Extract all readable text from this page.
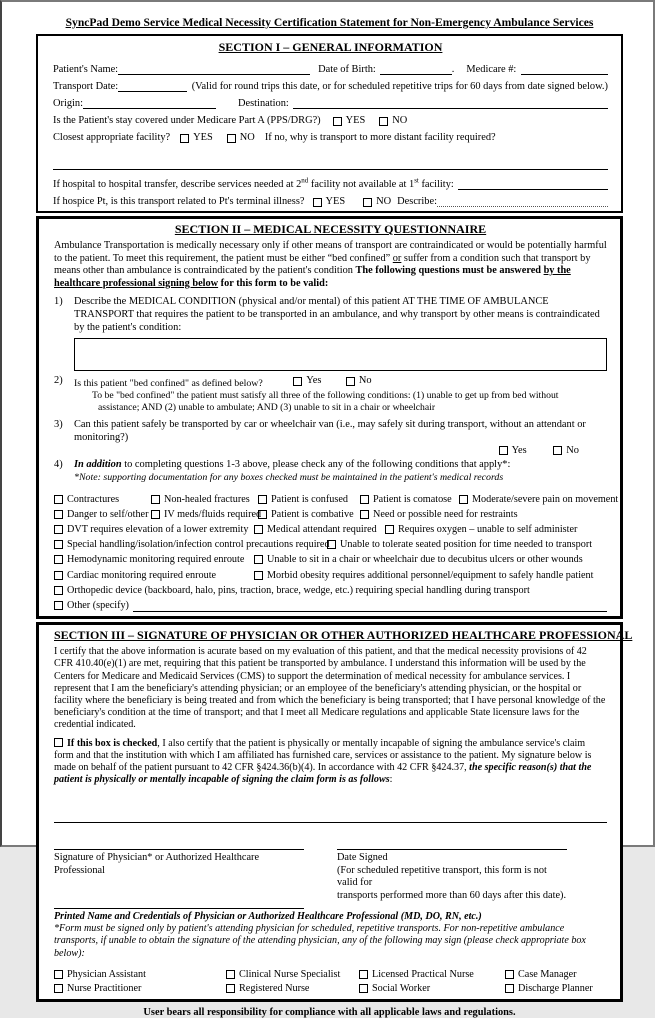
SyncPad Demo Service Medical Necessity Certification Statement for Non-Emergency Ambulance Services
SECTION I – GENERAL INFORMATION
Patient's Name:	Date of Birth:	. Medicare #:
Transport Date:	(Valid for round trips this date, or for scheduled repetitive trips for 60 days from date signed below.)
Origin:	Destination:
Is the Patient's stay covered under Medicare Part A (PPS/DRG?) YES	NO
Closest appropriate facility? YES	NO If no, why is transport to more distant facility required?
If hospital to hospital transfer, describe services needed at 2nd facility not available at 1st facility:
If hospice Pt, is this transport related to Pt's terminal illness? YES	NO Describe:
SECTION II – MEDICAL NECESSITY QUESTIONNAIRE
Ambulance Transportation is medically necessary only if other means of transport are contraindicated or would be potentially harmful to the patient. To meet this requirement, the patient must be either “bed confined” or suffer from a condition such that transport by means other than ambulance is contraindicated by the patient's condition The following questions must be answered by the healthcare professional signing below for this form to be valid:
1)	Describe the MEDICAL CONDITION (physical and/or mental) of this patient AT THE TIME OF AMBULANCE TRANSPORT that requires the patient to be transported in an ambulance, and why transport by other means is contraindicated by the patient's condition:
2)	Is this patient "bed confined" as defined below?	Yes
	No
To be "bed confined" the patient must satisfy all three of the following conditions: (1) unable to get up from bed without
assistance; AND (2) unable to ambulate; AND (3) unable to sit in a chair or wheelchair
3)	Can this patient safely be transported by car or wheelchair van (i.e., may safely sit during transport, without an attendant or monitoring?)
Yes
	No
4)	In addition to completing questions 1-3 above, please check any of the following conditions that apply*:
*Note: supporting documentation for any boxes checked must be maintained in the patient's medical records
Contractures	Non-healed fractures Patient is confused Patient is comatose Moderate/severe pain on movement
Danger to self/other IV meds/fluids required Patient is combative Need or possible need for restraints
DVT requires elevation of a lower extremity Medical attendant required Requires oxygen – unable to self administer
Special handling/isolation/infection control precautions required Unable to tolerate seated position for time needed to transport
Hemodynamic monitoring required enroute Unable to sit in a chair or wheelchair due to decubitus ulcers or other wounds
Cardiac monitoring required enroute	Morbid obesity requires additional personnel/equipment to safely handle patient
Orthopedic device (backboard, halo, pins, traction, brace, wedge, etc.) requiring special handling during transport
Other (specify)
SECTION III – SIGNATURE OF PHYSICIAN OR OTHER AUTHORIZED HEALTHCARE PROFESSIONAL
I certify that the above information is acurate based on my evaluation of this patient, and that the medical necessity provisions of 42 CFR 410.40(e)(1) are met, requiring that this patient be transported by ambulance. I understand this information will be used by the Centers for Medicare and Medicaid Services (CMS) to support the determination of medical necessity for ambulance services. I represent that I am the beneficiary's attending physician; or an employee of the beneficiary's attending physician, or the hospital or facility where the beneficiary is being treated and from which the beneficiary is being transported; that I have personal knowledge of the beneficiary's condition at the time of transport; and that I meet all Medicare regulations and applicable State licensure laws for the credential indicated.
If this box is checked, I also certify that the patient is physically or mentally incapable of signing the ambulance service's claim form and that the institution with which I am affiliated has furnished care, services or assistance to the patient. My signature below is made on behalf of the patient pursuant to 42 CFR §424.36(b)(4). In accordance with 42 CFR §424.37, the specific reason(s) that the patient is physically or mentally incapable of signing the claim form is as follows:
Signature of Physician* or Authorized Healthcare Professional
Date Signed
(For scheduled repetitive transport, this form is not valid for
transports performed more than 60 days after this date).
Printed Name and Credentials of Physician or Authorized Healthcare Professional (MD, DO, RN, etc.)
*Form must be signed only by patient's attending physician for scheduled, repetitive transports. For non-repetitive ambulance transports, if unable to obtain the signature of the attending physician, any of the following may sign (please check appropriate box below):
Physician Assistant	Clinical Nurse Specialist	Licensed Practical Nurse	Case Manager
Nurse Practitioner	Registered Nurse	Social Worker	Discharge Planner
User bears all responsibility for compliance with all applicable laws and regulations.
